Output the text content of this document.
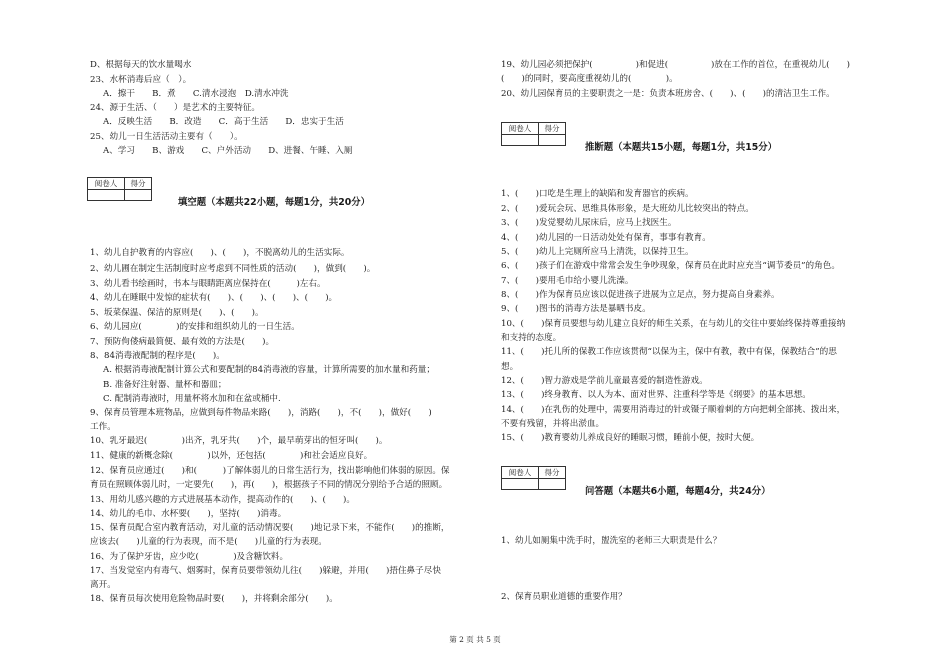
D、根据每天的饮水量喝水
23、水杯消毒后应（　）。
A．擦干　　B．煮　　C.清水浸泡　D.清水冲洗
24、源于生活、（　　）是艺术的主要特征。
A．反映生活　　B．改造　　C．高于生活　　D．忠实于生活
25、幼儿一日生活活动主要有（　　）。
A、学习　　B、游戏　　C、户外活动　　D、进餐、午睡、入厕
阅卷人	得分

填空题（本题共22小题，每题1分，共20分）
1、幼儿自护教育的内容应(　　)、(　　)，不脱离幼儿的生活实际。
2、幼儿圃在制定生活制度时应考虑到不同性质的活动(　　)，做到(　　)。
3、幼儿看书绘画时，书本与眼睛距离应保持在(　　　)左右。
4、幼儿在睡眠中发惊的症状有(　　)、(　　)、(　　)、(　　)。
5、坂菜保温、保洁的原则是(　　)、(　　)。
6、幼儿园应(　　　　)的安排和组织幼儿的一日生活。
7、预防佝偻病最简便、最有效的方法是(　　)。
8、84消毒液配制的程序是(　　)。
A. 根据消毒液配制计算公式和要配制的84消毒液的容量，计算所需要的加水量和药量；
B. 准备好注射器、量杯和器皿；
C. 配制消毒液时，用量杯将水加和在盆或桶中.
9、保育员管理本班物品，应做到每件物品来路(　　)，消路(　　)，不(　　)，做好(　　)
工作。
10、乳牙最迟(　　　　)出齐，乳牙共(　　)个，最早萌芽出的恒牙叫(　　)。
11、健康的新概念除(　　　　)以外，还包括(　　　　)和社会适应良好。
12、保育员应通过(　　)和(　　　)了解体弱儿的日常生活行为，找出影响他们体弱的原因。保
育员在照顾体弱儿时，一定要先(　　)，再(　　)，根据孩子不同的情况分别给予合适的照顾。
13、用幼儿感兴趣的方式进展基本动作，提高动作的(　　)、(　　)。
14、幼儿的毛巾、水杯要(　　)，坚持(　　)消毒。
15、保育员配合室内教育活动，对儿童的活动情况要(　　)地记录下来，不能作(　　)的推断，
应该去(　　)儿童的行为表现，而不是(　　)儿童的行为表现。
16、为了保护牙齿，应少吃(　　　　)及含糖饮料。
17、当发觉室内有毒气、烟雾时，保育员要带领幼儿往(　　)躲避，并用(　　)捂住鼻子尽快
离开。
18、保育员每次使用危险物品时要(　　)，并将剩余部分(　　)。
19、幼儿园必须把保护(　　　　　)和促进(　　　　　)放在工作的首位，在重视幼儿(　　)
(　　)的同时，要高度重视幼儿的(　　　　)。
20、幼儿园保育员的主要职责之一是：负责本班房舍、(　　)、(　　)的清洁卫生工作。
阅卷人	得分

推断题（本题共15小题，每题1分，共15分）
1、(　　)口吃是生理上的缺陷和发育器官的疾病。
2、(　　)爱玩会玩、思维具体形象，是大班幼儿比较突出的特点。
3、(　　)发觉婴幼儿尿床后，应马上找医生。
4、(　　)幼儿园的一日活动处处有保育，事事有教育。
5、(　　)幼儿上完厕所应马上清洗，以保持卫生。
6、(　　)孩子们在游戏中常常会发生争吵现象，保育员在此时应充当“调节委员”的角色。
7、(　　)要用毛巾给小婴儿洗澡。
8、(　　)作为保育员应该以促进孩子进展为立足点，努力提高自身素养。
9、(　　)图书的消毒方法是暴晒书皮。
10、(　　)保育员要想与幼儿建立良好的师生关系，在与幼儿的交往中要始终保持尊重接纳
和支持的态度。
11、(　　)托儿所的保教工作应该贯彻“以保为主，保中有教，教中有保，保教结合”的思
想。
12、(　　)智力游戏是学前儿童最喜爱的制造性游戏。
13、(　　)终身教育、以人为本、面对世界、注重科学等是《纲要》的基本思想。
14、(　　)在乳伤的处理中，需要用消毒过的针或镊子顺着刺的方向把刺全部挑、拨出来，
不要有残留，并将出淤血。
15、(　　)教育婴幼儿养成良好的睡眠习惯，睡前小便，按时大便。
阅卷人	得分

问答题（本题共6小题，每题4分，共24分）
1、幼儿如厕集中洗手时，盥洗室的老师三大职责是什么？
2、保育员职业道德的重要作用？
第 2 页 共 5 页
